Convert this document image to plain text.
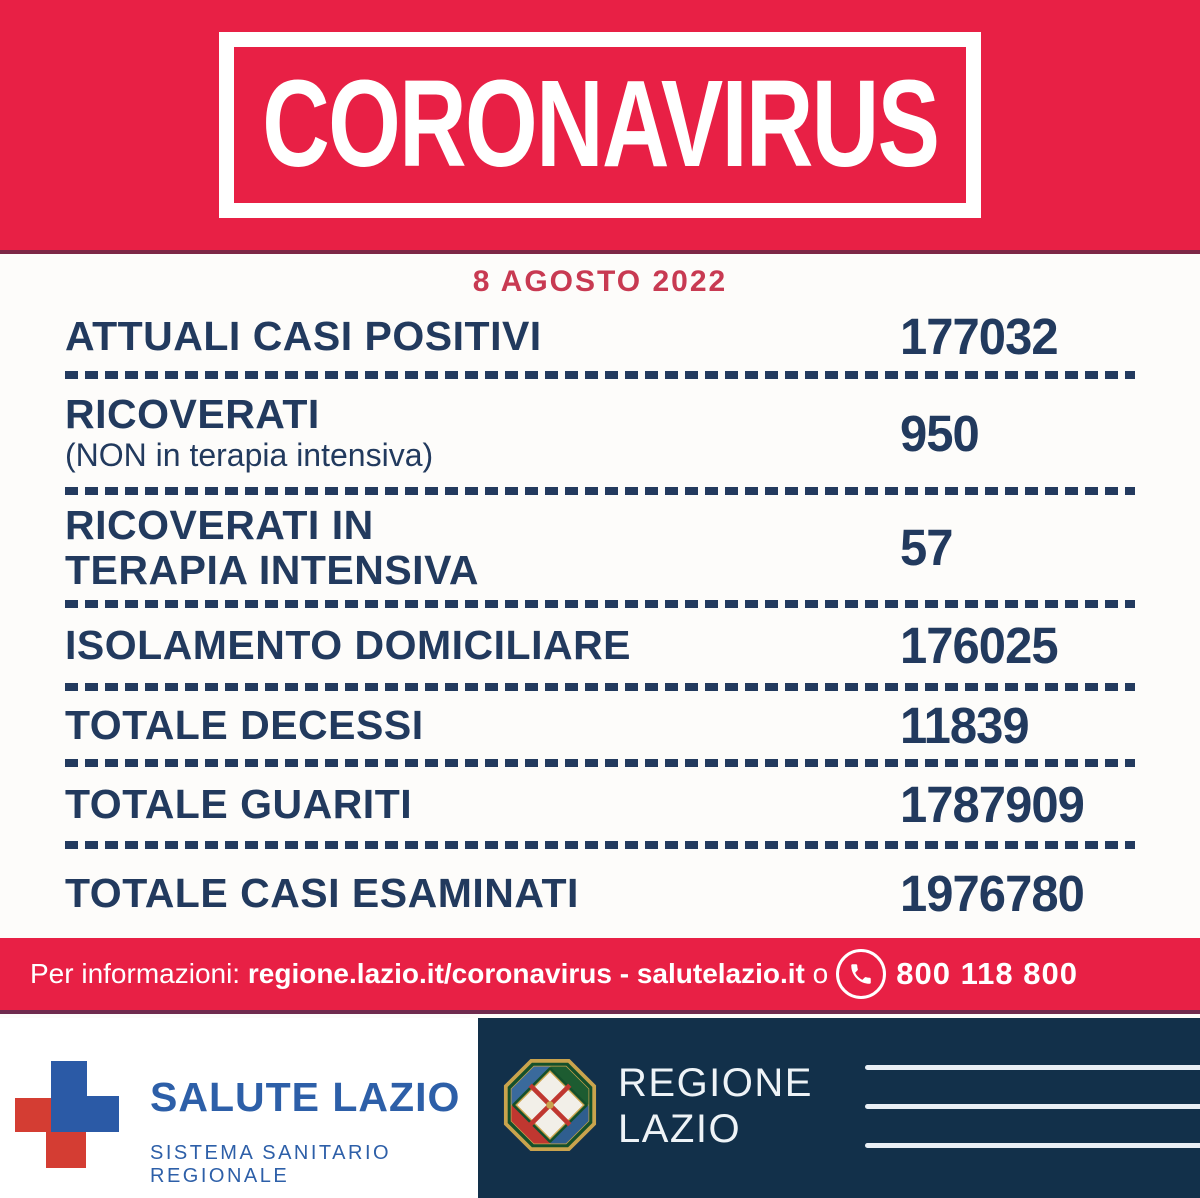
CORONAVIRUS
8 AGOSTO 2022
ATTUALI CASI POSITIVI	177032
RICOVERATI
(NON in terapia intensiva)	950
RICOVERATI IN
TERAPIA INTENSIVA	57
ISOLAMENTO DOMICILIARE	176025
TOTALE DECESSI	11839
TOTALE GUARITI	1787909
TOTALE CASI ESAMINATI	1976780
Per informazioni:
regione.lazio.it/coronavirus - salutelazio.it
o 800 118 800
SALUTE LAZIO
SISTEMA SANITARIO REGIONALE
REGIONE
LAZIO
